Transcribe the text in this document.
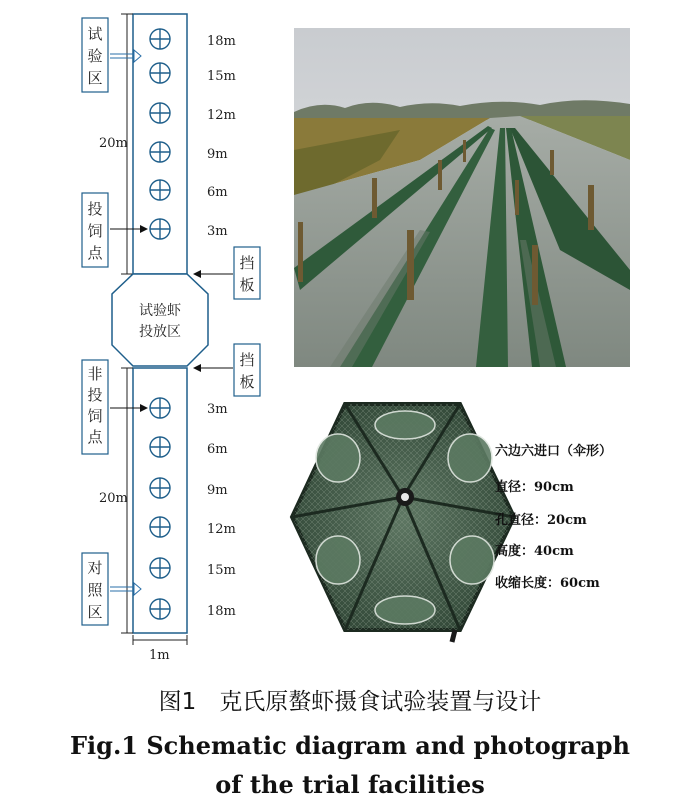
20m
18m
15m
12m
9m
6m
3m
试
验
区
投
饲
点
试验虾
投放区
挡
板
挡
板
20m
1m
3m
6m
9m
12m
15m
18m
非
投
饲
点
对
照
区
六边六进口（伞形）
直径：90cm
孔直径：20cm
高度：40cm
收缩长度：60cm
图1　克氏原螯虾摄食试验装置与设计
Fig.1 Schematic diagram and photograph
of the trial facilities
